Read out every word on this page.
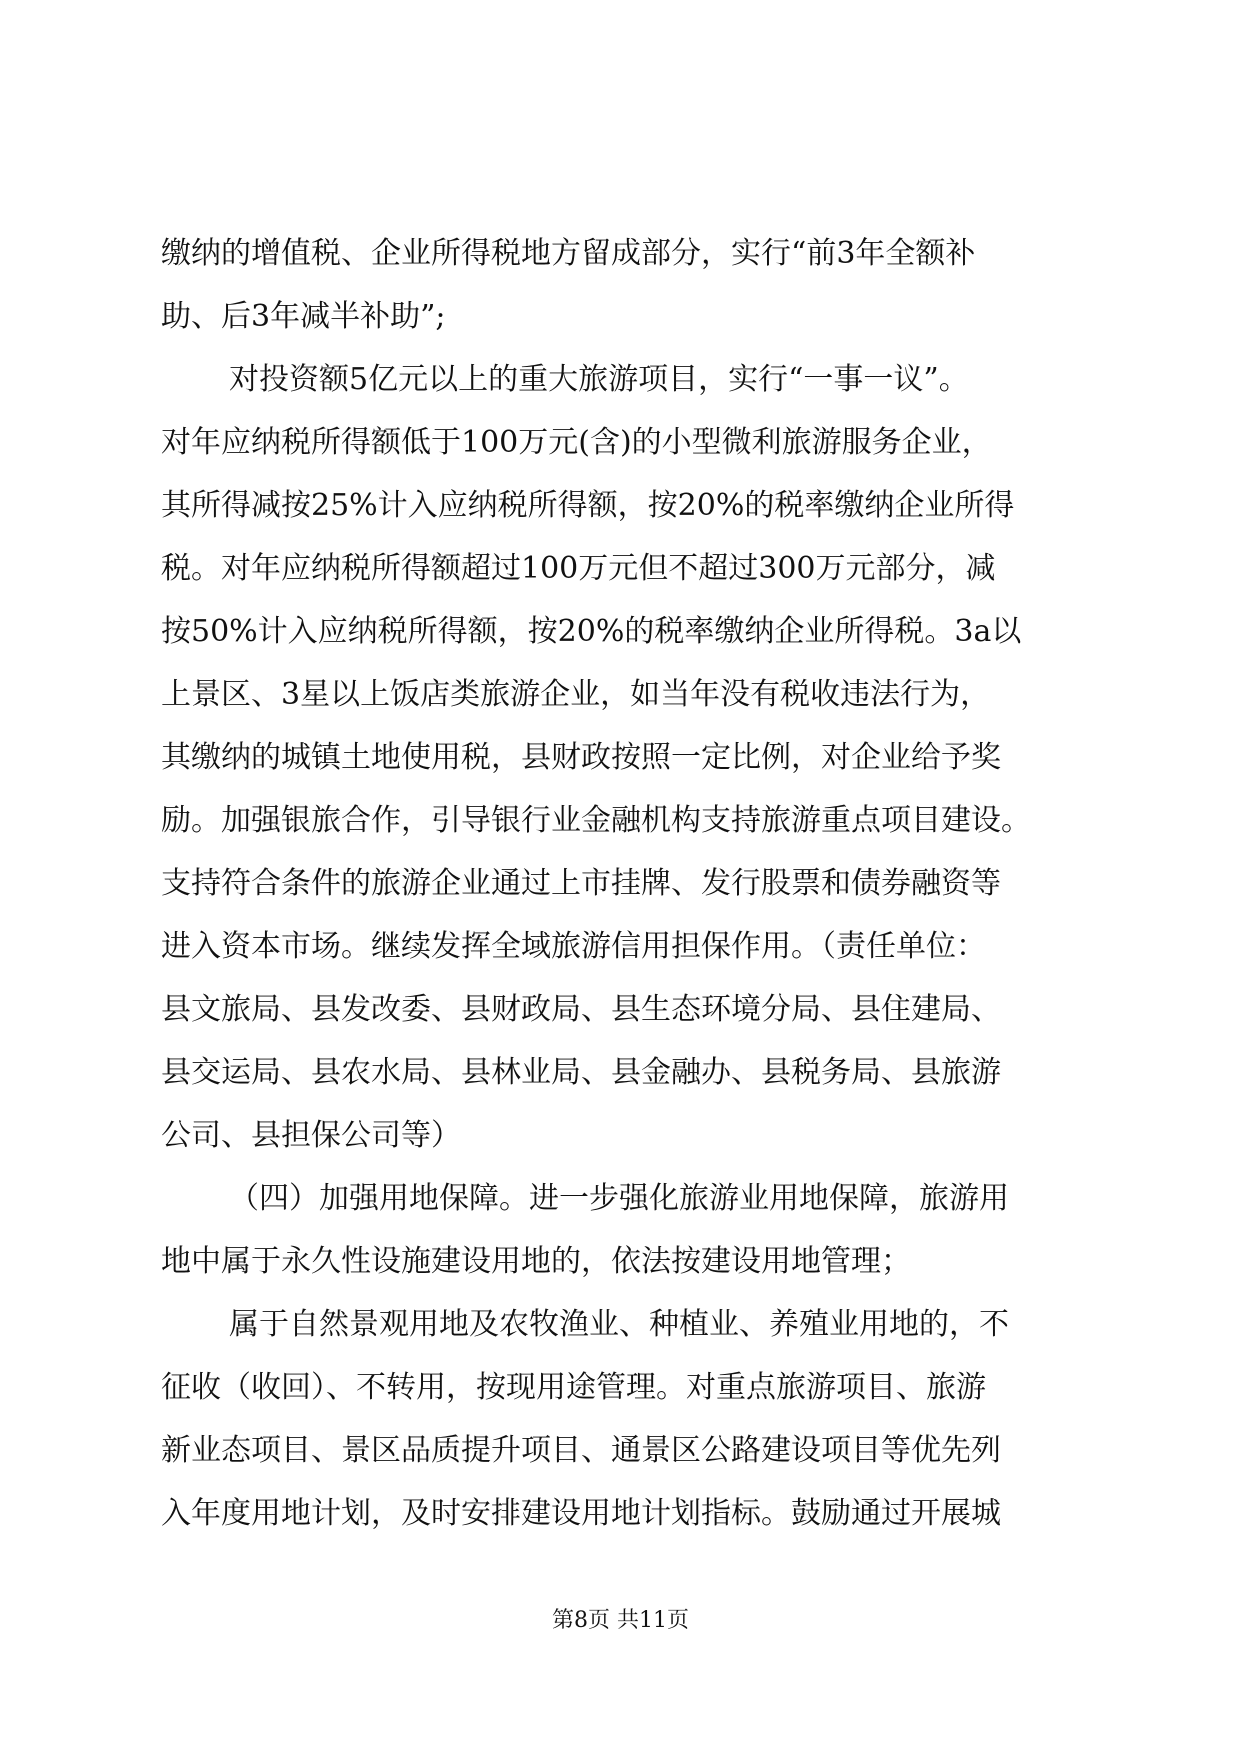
缴纳的增值税、企业所得税地方留成部分，实行“前3年全额补
助、后3年减半补助”;
对投资额5亿元以上的重大旅游项目，实行“一事一议”。
对年应纳税所得额低于100万元(含)的小型微利旅游服务企业，
其所得减按25%计入应纳税所得额，按20%的税率缴纳企业所得
税。对年应纳税所得额超过100万元但不超过300万元部分，减
按50%计入应纳税所得额，按20%的税率缴纳企业所得税。3a以
上景区、3星以上饭店类旅游企业，如当年没有税收违法行为，
其缴纳的城镇土地使用税，县财政按照一定比例，对企业给予奖
励。加强银旅合作，引导银行业金融机构支持旅游重点项目建设。
支持符合条件的旅游企业通过上市挂牌、发行股票和债券融资等
进入资本市场。继续发挥全域旅游信用担保作用。（责任单位：
县文旅局、县发改委、县财政局、县生态环境分局、县住建局、
县交运局、县农水局、县林业局、县金融办、县税务局、县旅游
公司、县担保公司等）
（四）加强用地保障。进一步强化旅游业用地保障，旅游用
地中属于永久性设施建设用地的，依法按建设用地管理；
属于自然景观用地及农牧渔业、种植业、养殖业用地的，不
征收（收回）、不转用，按现用途管理。对重点旅游项目、旅游
新业态项目、景区品质提升项目、通景区公路建设项目等优先列
入年度用地计划，及时安排建设用地计划指标。鼓励通过开展城
第8页 共11页
